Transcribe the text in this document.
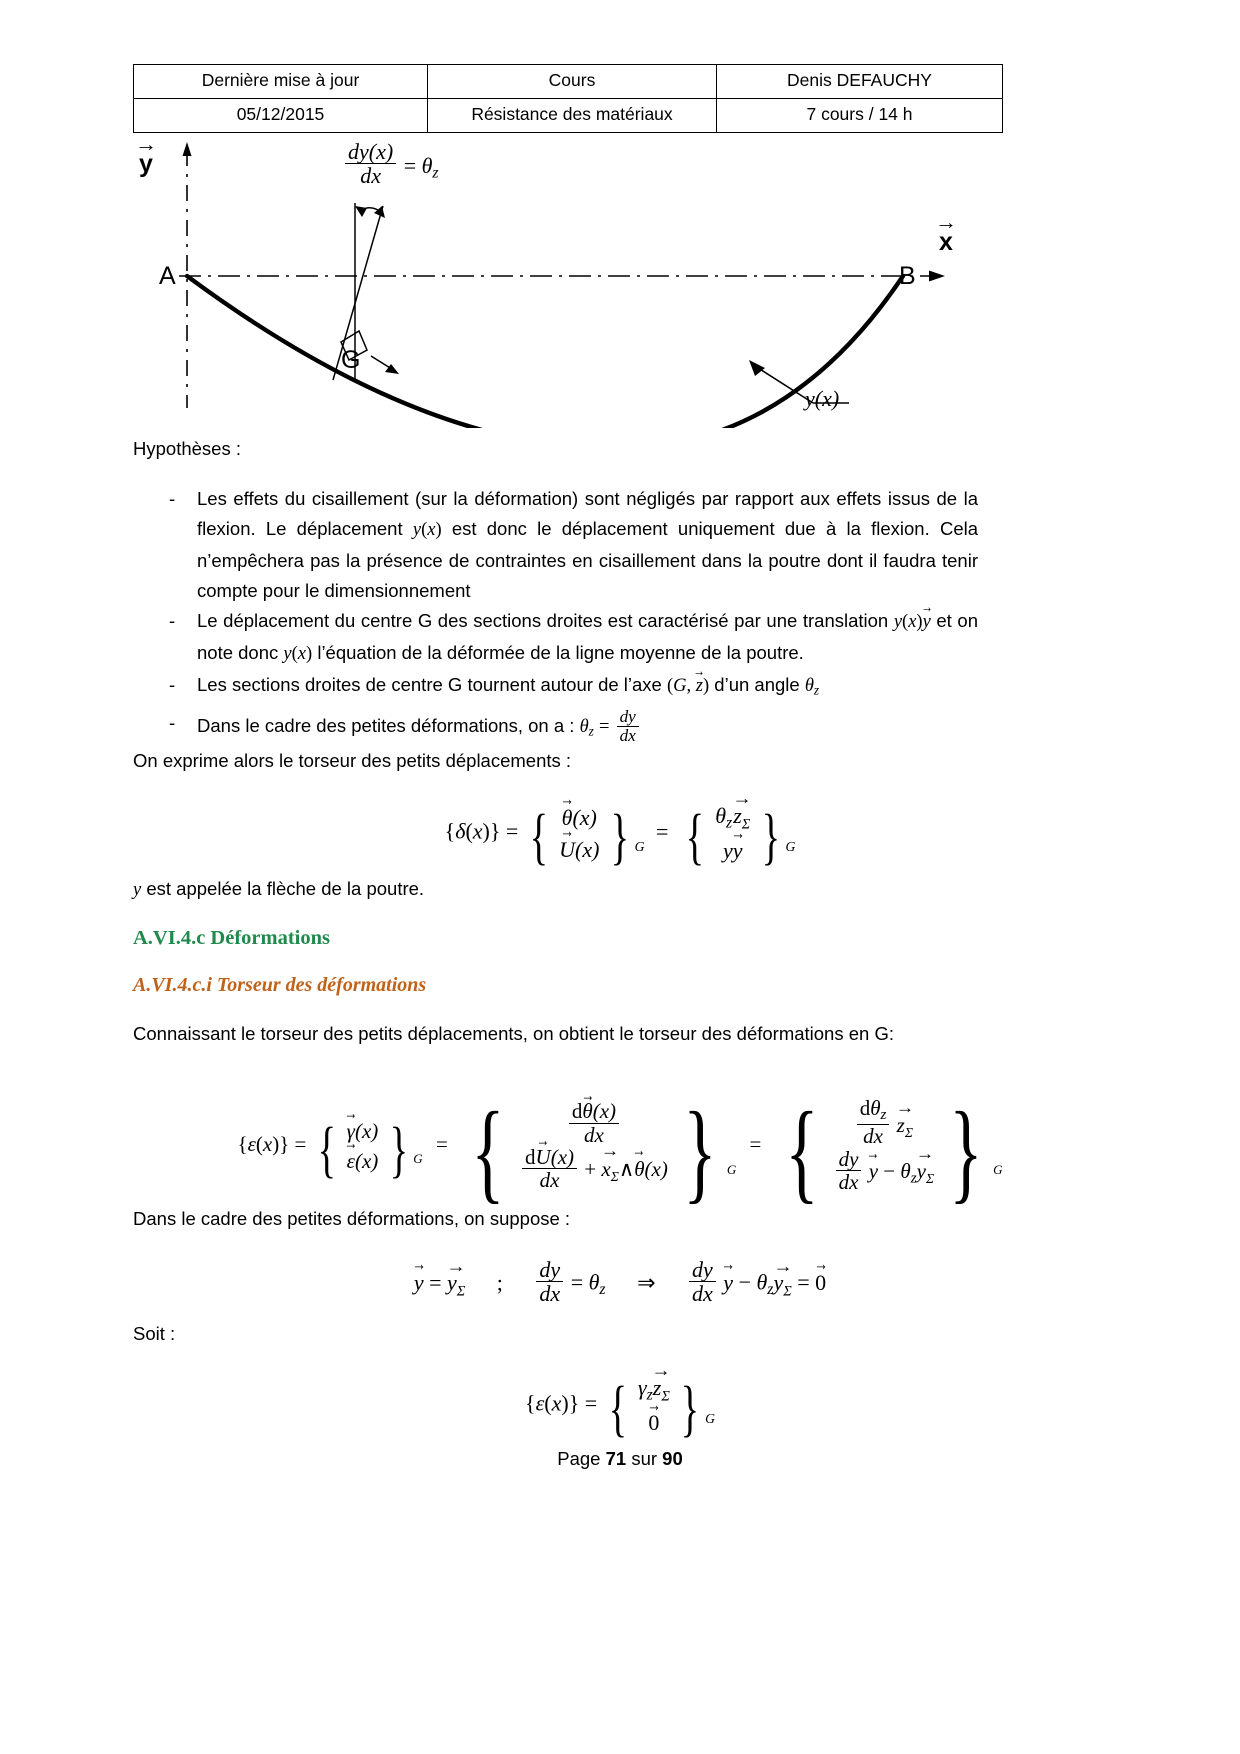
Dernière mise à jour	Cours	Denis DEFAUCHY
05/12/2015	Résistance des matériaux	7 cours / 14 h
y →
x →
A	B
G
$\frac{dy(x)}{dx} = \theta_z$
y(x)

Hypothèses :

- Les effets du cisaillement (sur la déformation) sont négligés par rapport aux effets issus de la flexion. Le déplacement y(x) est donc le déplacement uniquement due à la flexion. Cela n’empêchera pas la présence de contraintes en cisaillement dans la poutre dont il faudra tenir compte pour le dimensionnement
- Le déplacement du centre G des sections droites est caractérisé par une translation y(x)y → et on note donc y(x) l’équation de la déformée de la ligne moyenne de la poutre.
- Les sections droites de centre G tournent autour de l’axe (G, z →) d’un angle $\theta_z$
- Dans le cadre des petites déformations, on a : $\theta_z = \frac{dy}{dx}$

On exprime alors le torseur des petits déplacements :

{δ(x)} = { θ →(x)
U →(x) } G = { $\theta_zz_\Sigma$ →
yy → } G

y est appelée la flèche de la poutre.

A.VI.4.c Déformations
A.VI.4.c.i Torseur des déformations

Connaissant le torseur des petits déplacements, on obtient le torseur des déformations en G:

{ε(x)} = { γ →(x)
ε →(x) } G = {	$\frac{d\theta \to(x)}{dx}$
$\frac{dU \to(x)}{dx} + x_\Sigma$ →∧θ →(x) } G = { $\frac{d\theta_z}{dx} z_\Sigma$ →
$\frac{dy}{dx}$ y → − $\theta_zy_\Sigma$ → } G

Dans le cadre des petites déformations, on suppose :

y → = $y_\Sigma$ → ; $\frac{dy}{dx} = \theta_z$ ⇒ $\frac{dy}{dx}$ y → − $\theta_zy_\Sigma$ → = 0 →

Soit :

{ε(x)} = { $\gamma_zz_\Sigma$ →
0 → } G
Page 71 sur 90
